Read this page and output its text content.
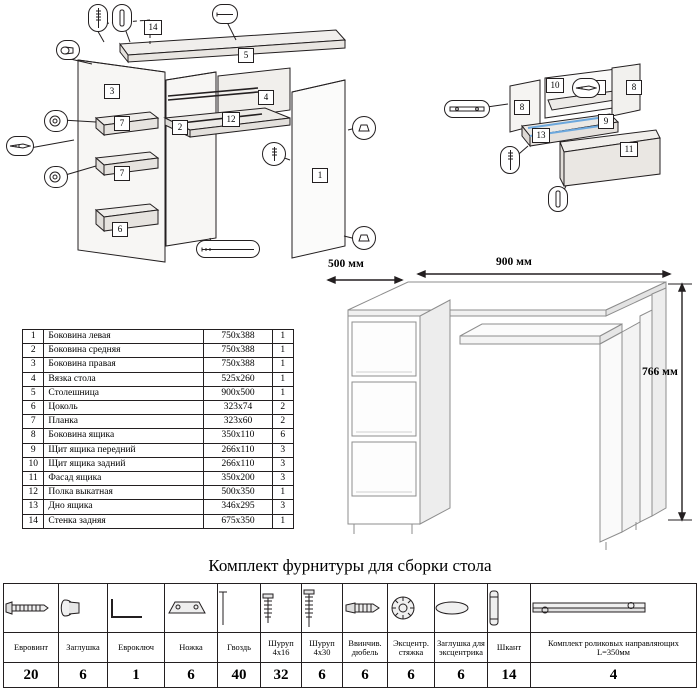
1
2
3
4
5
6
7
7
12
14
10
8
8
9
13
11
1	Боковина левая	750x388	1
2	Боковина средняя	750x388	1
3	Боковина правая	750x388	1
4	Вязка стола	525x260	1
5	Столешница	900x500	1
6	Цоколь	323x74	2
7	Планка	323x60	2
8	Боковина ящика	350x110	6
9	Щит ящика передний	266x110	3
10	Щит ящика задний	266x110	3
11	Фасад ящика	350x200	3
12	Полка выкатная	500x350	1
13	Дно ящика	346x295	3
14	Стенка задняя	675x350	1
500 мм	900 мм
766 мм
Комплект фурнитуры для сборки стола

Евровинт	Заглушка	Евроключ	Ножка	Гвоздь	Шуруп 4x16	Шуруп 4x30	Ввинчив. дюбель	Эксцентр. стяжка	Заглушка для эксцентрика	Шкант	Комплект роликовых направляющих L=350мм
20	6	1	6	40	32	6	6	6	6	14	4
